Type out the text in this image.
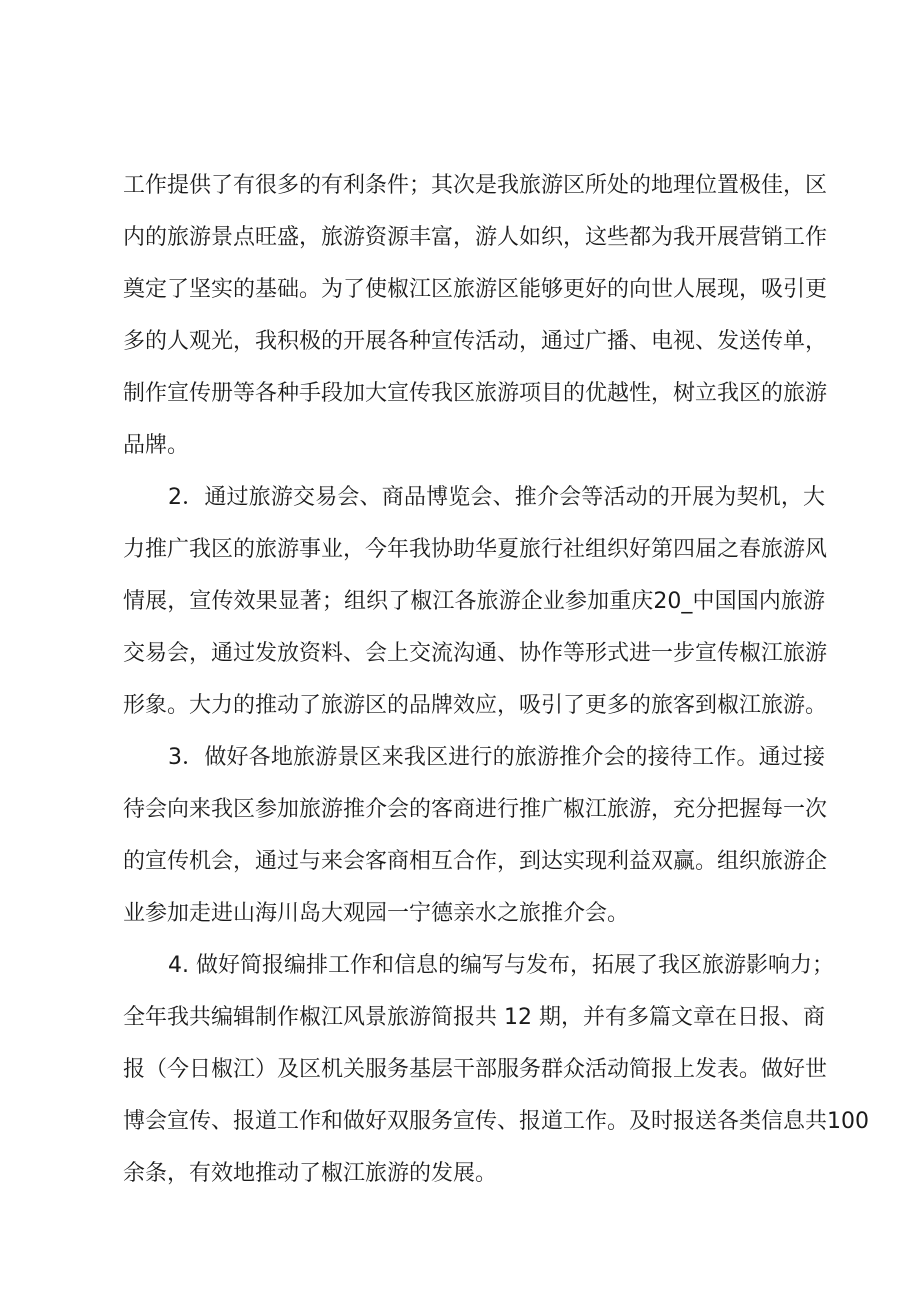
工作提供了有很多的有利条件；其次是我旅游区所处的地理位置极佳，区
内的旅游景点旺盛，旅游资源丰富，游人如织，这些都为我开展营销工作
奠定了坚实的基础。为了使椒江区旅游区能够更好的向世人展现，吸引更
多的人观光，我积极的开展各种宣传活动，通过广播、电视、发送传单，
制作宣传册等各种手段加大宣传我区旅游项目的优越性，树立我区的旅游
品牌。
2．通过旅游交易会、商品博览会、推介会等活动的开展为契机，大
力推广我区的旅游事业，今年我协助华夏旅行社组织好第四届之春旅游风
情展，宣传效果显著；组织了椒江各旅游企业参加重庆20_中国国内旅游
交易会，通过发放资料、会上交流沟通、协作等形式进一步宣传椒江旅游
形象。大力的推动了旅游区的品牌效应，吸引了更多的旅客到椒江旅游。
3．做好各地旅游景区来我区进行的旅游推介会的接待工作。通过接
待会向来我区参加旅游推介会的客商进行推广椒江旅游，充分把握每一次
的宣传机会，通过与来会客商相互合作，到达实现利益双赢。组织旅游企
业参加走进山海川岛大观园一宁德亲水之旅推介会。
4. 做好简报编排工作和信息的编写与发布，拓展了我区旅游影响力；
全年我共编辑制作椒江风景旅游简报共 12 期，并有多篇文章在日报、商
报（今日椒江）及区机关服务基层干部服务群众活动简报上发表。做好世
博会宣传、报道工作和做好双服务宣传、报道工作。及时报送各类信息共100
余条，有效地推动了椒江旅游的发展。
